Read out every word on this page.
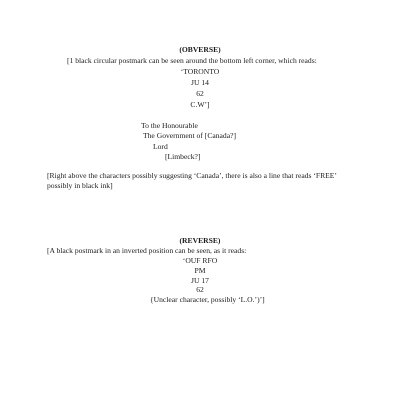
(OBVERSE)
[1 black circular postmark can be seen around the bottom left corner, which reads:
‘TORONTO
JU 14
62
C.W’]
To the Honourable
The Government of [Canada?]
Lord
[Limbeck?]
[Right above the characters possibly suggesting ‘Canada’, there is also a line that reads ‘FREE’ possibly in black ink]
(REVERSE)
[A black postmark in an inverted position can be seen, as it reads:
‘OUF RFO
PM
JU 17
62
{Unclear character, possibly ‘L.O.’)’]
